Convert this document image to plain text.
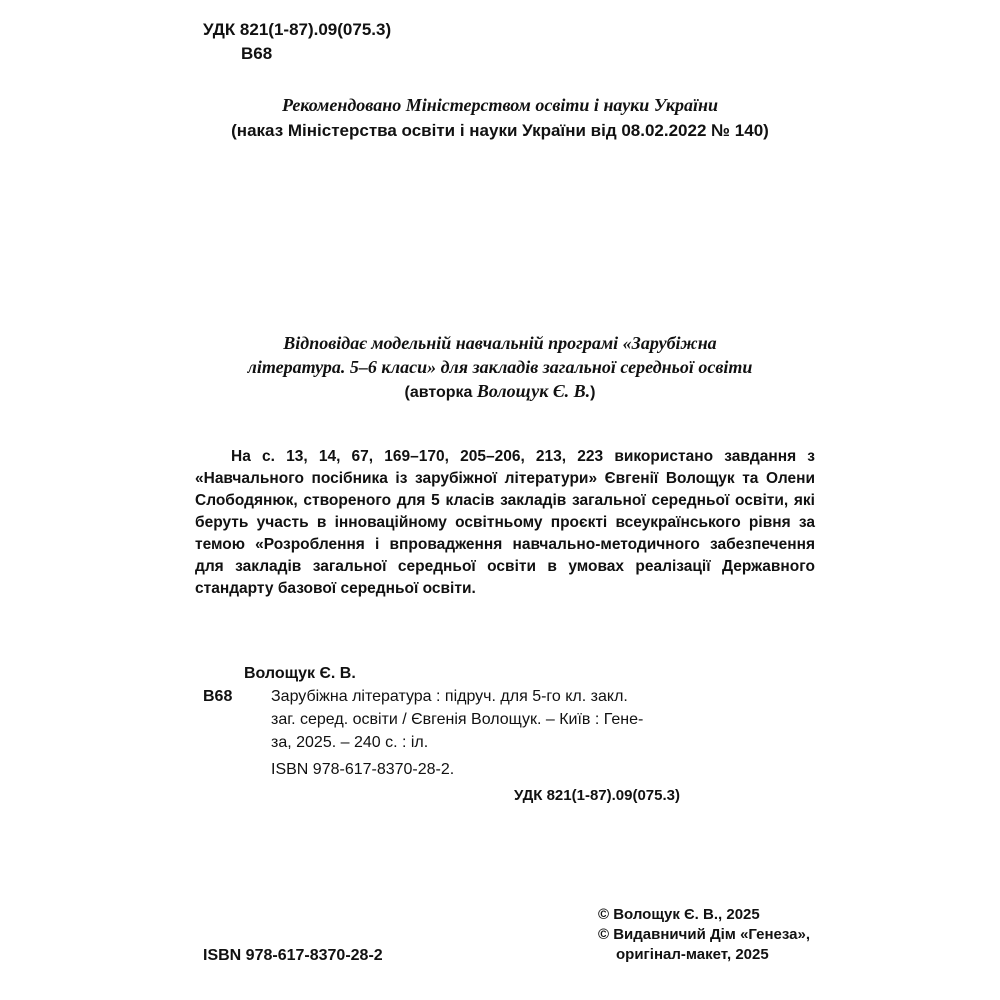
УДК 821(1-87).09(075.3)
В68
Рекомендовано Міністерством освіти і науки України
(наказ Міністерства освіти і науки України від 08.02.2022 № 140)
Відповідає модельній навчальній програмі «Зарубіжна
література. 5–6 класи» для закладів загальної середньої освіти
(авторка Волощук Є. В.)
На с. 13, 14, 67, 169–170, 205–206, 213, 223 використано завдання з
«Навчального посібника із зарубіжної літератури» Євгенії Волощук та Олени
Слободянюк, створеного для 5 класів закладів загальної середньої освіти, які
беруть участь в інноваційному освітньому проєкті всеукраїнського рівня за
темою «Розроблення і впровадження навчально-методичного забезпечення
для закладів загальної середньої освіти в умовах реалізації Державного
стандарту базової середньої освіти.
Волощук Є. В.
В68 Зарубіжна література : підруч. для 5-го кл. закл.
заг. серед. освіти / Євгенія Волощук. – Київ : Гене-
за, 2025. – 240 с. : іл.
ISBN 978-617-8370-28-2.
УДК 821(1-87).09(075.3)
© Волощук Є. В., 2025
© Видавничий Дім «Генеза»,
оригінал-макет, 2025
ISBN 978-617-8370-28-2
